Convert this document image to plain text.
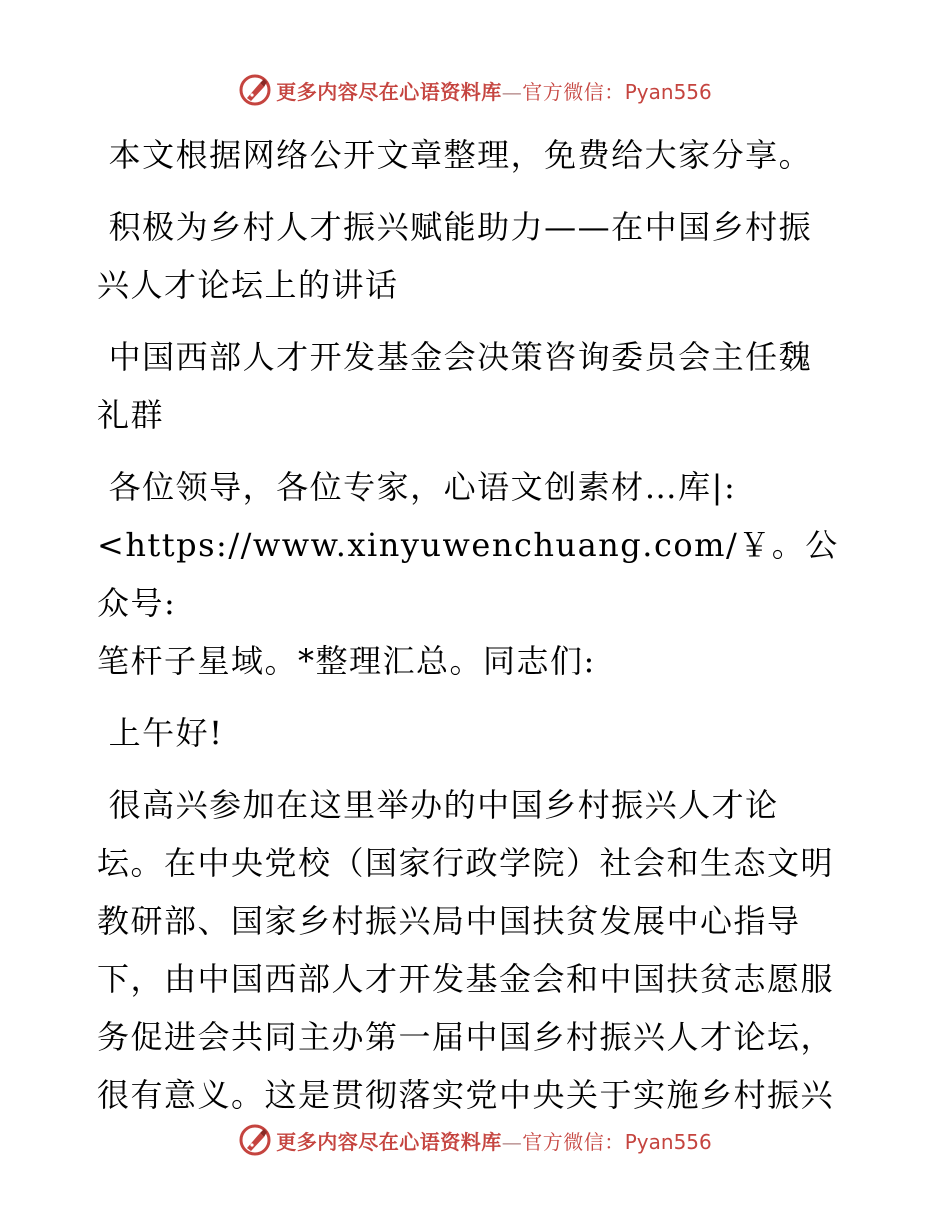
更多内容尽在心语资料库—官方微信：Pyan556
本文根据网络公开文章整理，免费给大家分享。
积极为乡村人才振兴赋能助力——在中国乡村振
兴人才论坛上的讲话
中国西部人才开发基金会决策咨询委员会主任魏
礼群
各位领导，各位专家，心语文创素材…库|:
<https://www.xinyuwenchuang.com/￥。公众号:
笔杆子星域。*整理汇总。同志们:
上午好!
很高兴参加在这里举办的中国乡村振兴人才论
坛。在中央党校（国家行政学院）社会和生态文明
教研部、国家乡村振兴局中国扶贫发展中心指导
下，由中国西部人才开发基金会和中国扶贫志愿服
务促进会共同主办第一届中国乡村振兴人才论坛，
很有意义。这是贯彻落实党中央关于实施乡村振兴
更多内容尽在心语资料库—官方微信：Pyan556
